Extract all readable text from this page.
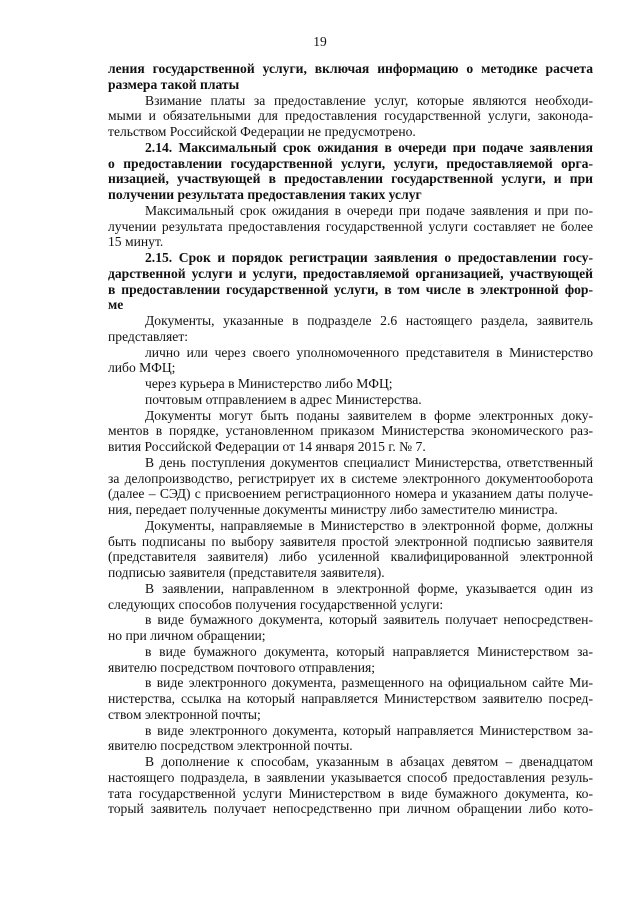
19
ления государственной услуги, включая информацию о методике расчета
размера такой платы
Взимание платы за предоставление услуг, которые являются необходи-
мыми и обязательными для предоставления государственной услуги, законода-
тельством Российской Федерации не предусмотрено.
2.14. Максимальный срок ожидания в очереди при подаче заявления
о предоставлении государственной услуги, услуги, предоставляемой орга-
низацией, участвующей в предоставлении государственной услуги, и при
получении результата предоставления таких услуг
Максимальный срок ожидания в очереди при подаче заявления и при по-
лучении результата предоставления государственной услуги составляет не более
15 минут.
2.15. Срок и порядок регистрации заявления о предоставлении госу-
дарственной услуги и услуги, предоставляемой организацией, участвующей
в предоставлении государственной услуги, в том числе в электронной фор-
ме
Документы, указанные в подразделе 2.6 настоящего раздела, заявитель
представляет:
лично или через своего уполномоченного представителя в Министерство
либо МФЦ;
через курьера в Министерство либо МФЦ;
почтовым отправлением в адрес Министерства.
Документы могут быть поданы заявителем в форме электронных доку-
ментов в порядке, установленном приказом Министерства экономического раз-
вития Российской Федерации от 14 января 2015 г. № 7.
В день поступления документов специалист Министерства, ответственный
за делопроизводство, регистрирует их в системе электронного документооборота
(далее – СЭД) с присвоением регистрационного номера и указанием даты получе-
ния, передает полученные документы министру либо заместителю министра.
Документы, направляемые в Министерство в электронной форме, должны
быть подписаны по выбору заявителя простой электронной подписью заявителя
(представителя заявителя) либо усиленной квалифицированной электронной
подписью заявителя (представителя заявителя).
В заявлении, направленном в электронной форме, указывается один из
следующих способов получения государственной услуги:
в виде бумажного документа, который заявитель получает непосредствен-
но при личном обращении;
в виде бумажного документа, который направляется Министерством за-
явителю посредством почтового отправления;
в виде электронного документа, размещенного на официальном сайте Ми-
нистерства, ссылка на который направляется Министерством заявителю посред-
ством электронной почты;
в виде электронного документа, который направляется Министерством за-
явителю посредством электронной почты.
В дополнение к способам, указанным в абзацах девятом – двенадцатом
настоящего подраздела, в заявлении указывается способ предоставления резуль-
тата государственной услуги Министерством в виде бумажного документа, ко-
торый заявитель получает непосредственно при личном обращении либо кото-
